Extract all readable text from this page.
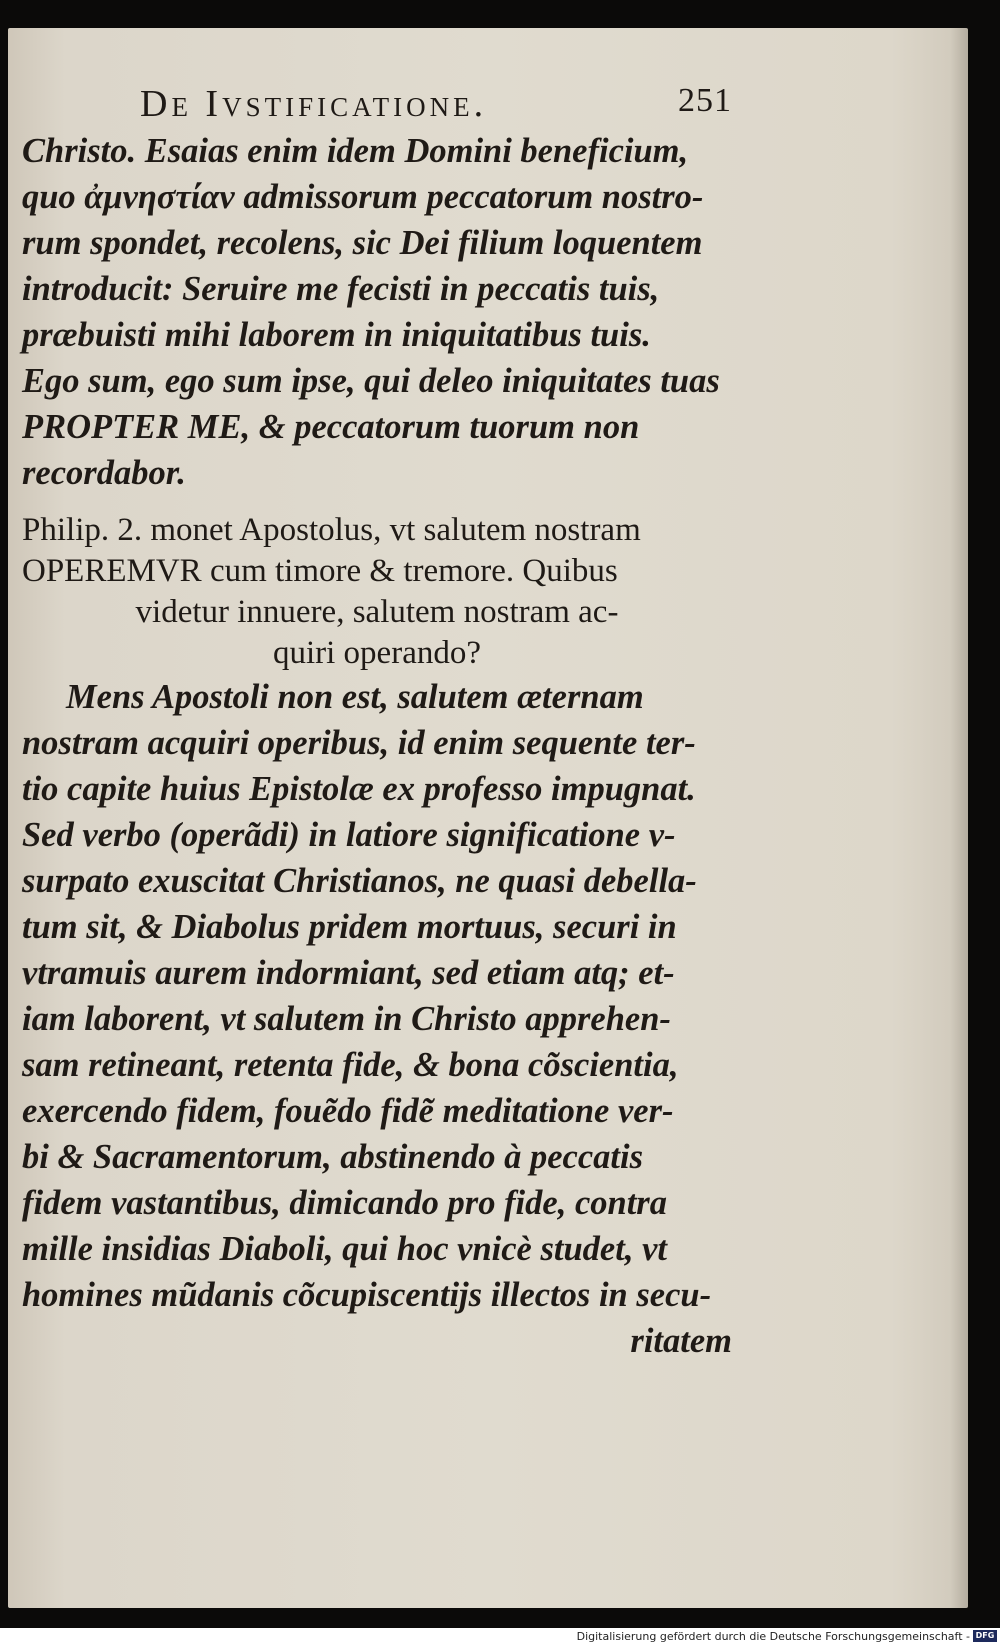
De Ivstificatione.	251
Christo. Esaias enim idem Domini beneficium,
quo ἀμνηστίαν admissorum peccatorum nostro-
rum spondet, recolens, sic Dei filium loquentem
introducit: Seruire me fecisti in peccatis tuis,
præbuisti mihi laborem in iniquitatibus tuis.
Ego sum, ego sum ipse, qui deleo iniquitates tuas
PROPTER ME, & peccatorum tuorum non
recordabor.
Philip. 2. monet Apostolus, vt salutem nostram
OPEREMVR cum timore & tremore. Quibus
videtur innuere, salutem nostram ac-
quiri operando?
Mens Apostoli non est, salutem æternam
nostram acquiri operibus, id enim sequente ter-
tio capite huius Epistolæ ex professo impugnat.
Sed verbo (operãdi) in latiore significatione v-
surpato exuscitat Christianos, ne quasi debella-
tum sit, & Diabolus pridem mortuus, securi in
vtramuis aurem indormiant, sed etiam atq; et-
iam laborent, vt salutem in Christo apprehen-
sam retineant, retenta fide, & bona cõscientia,
exercendo fidem, fouẽdo fidẽ meditatione ver-
bi & Sacramentorum, abstinendo à peccatis
fidem vastantibus, dimicando pro fide, contra
mille insidias Diaboli, qui hoc vnicè studet, vt
homines mũdanis cõcupiscentijs illectos in secu-
ritatem
Digitalisierung gefördert durch die Deutsche Forschungsgemeinschaft - DFG
